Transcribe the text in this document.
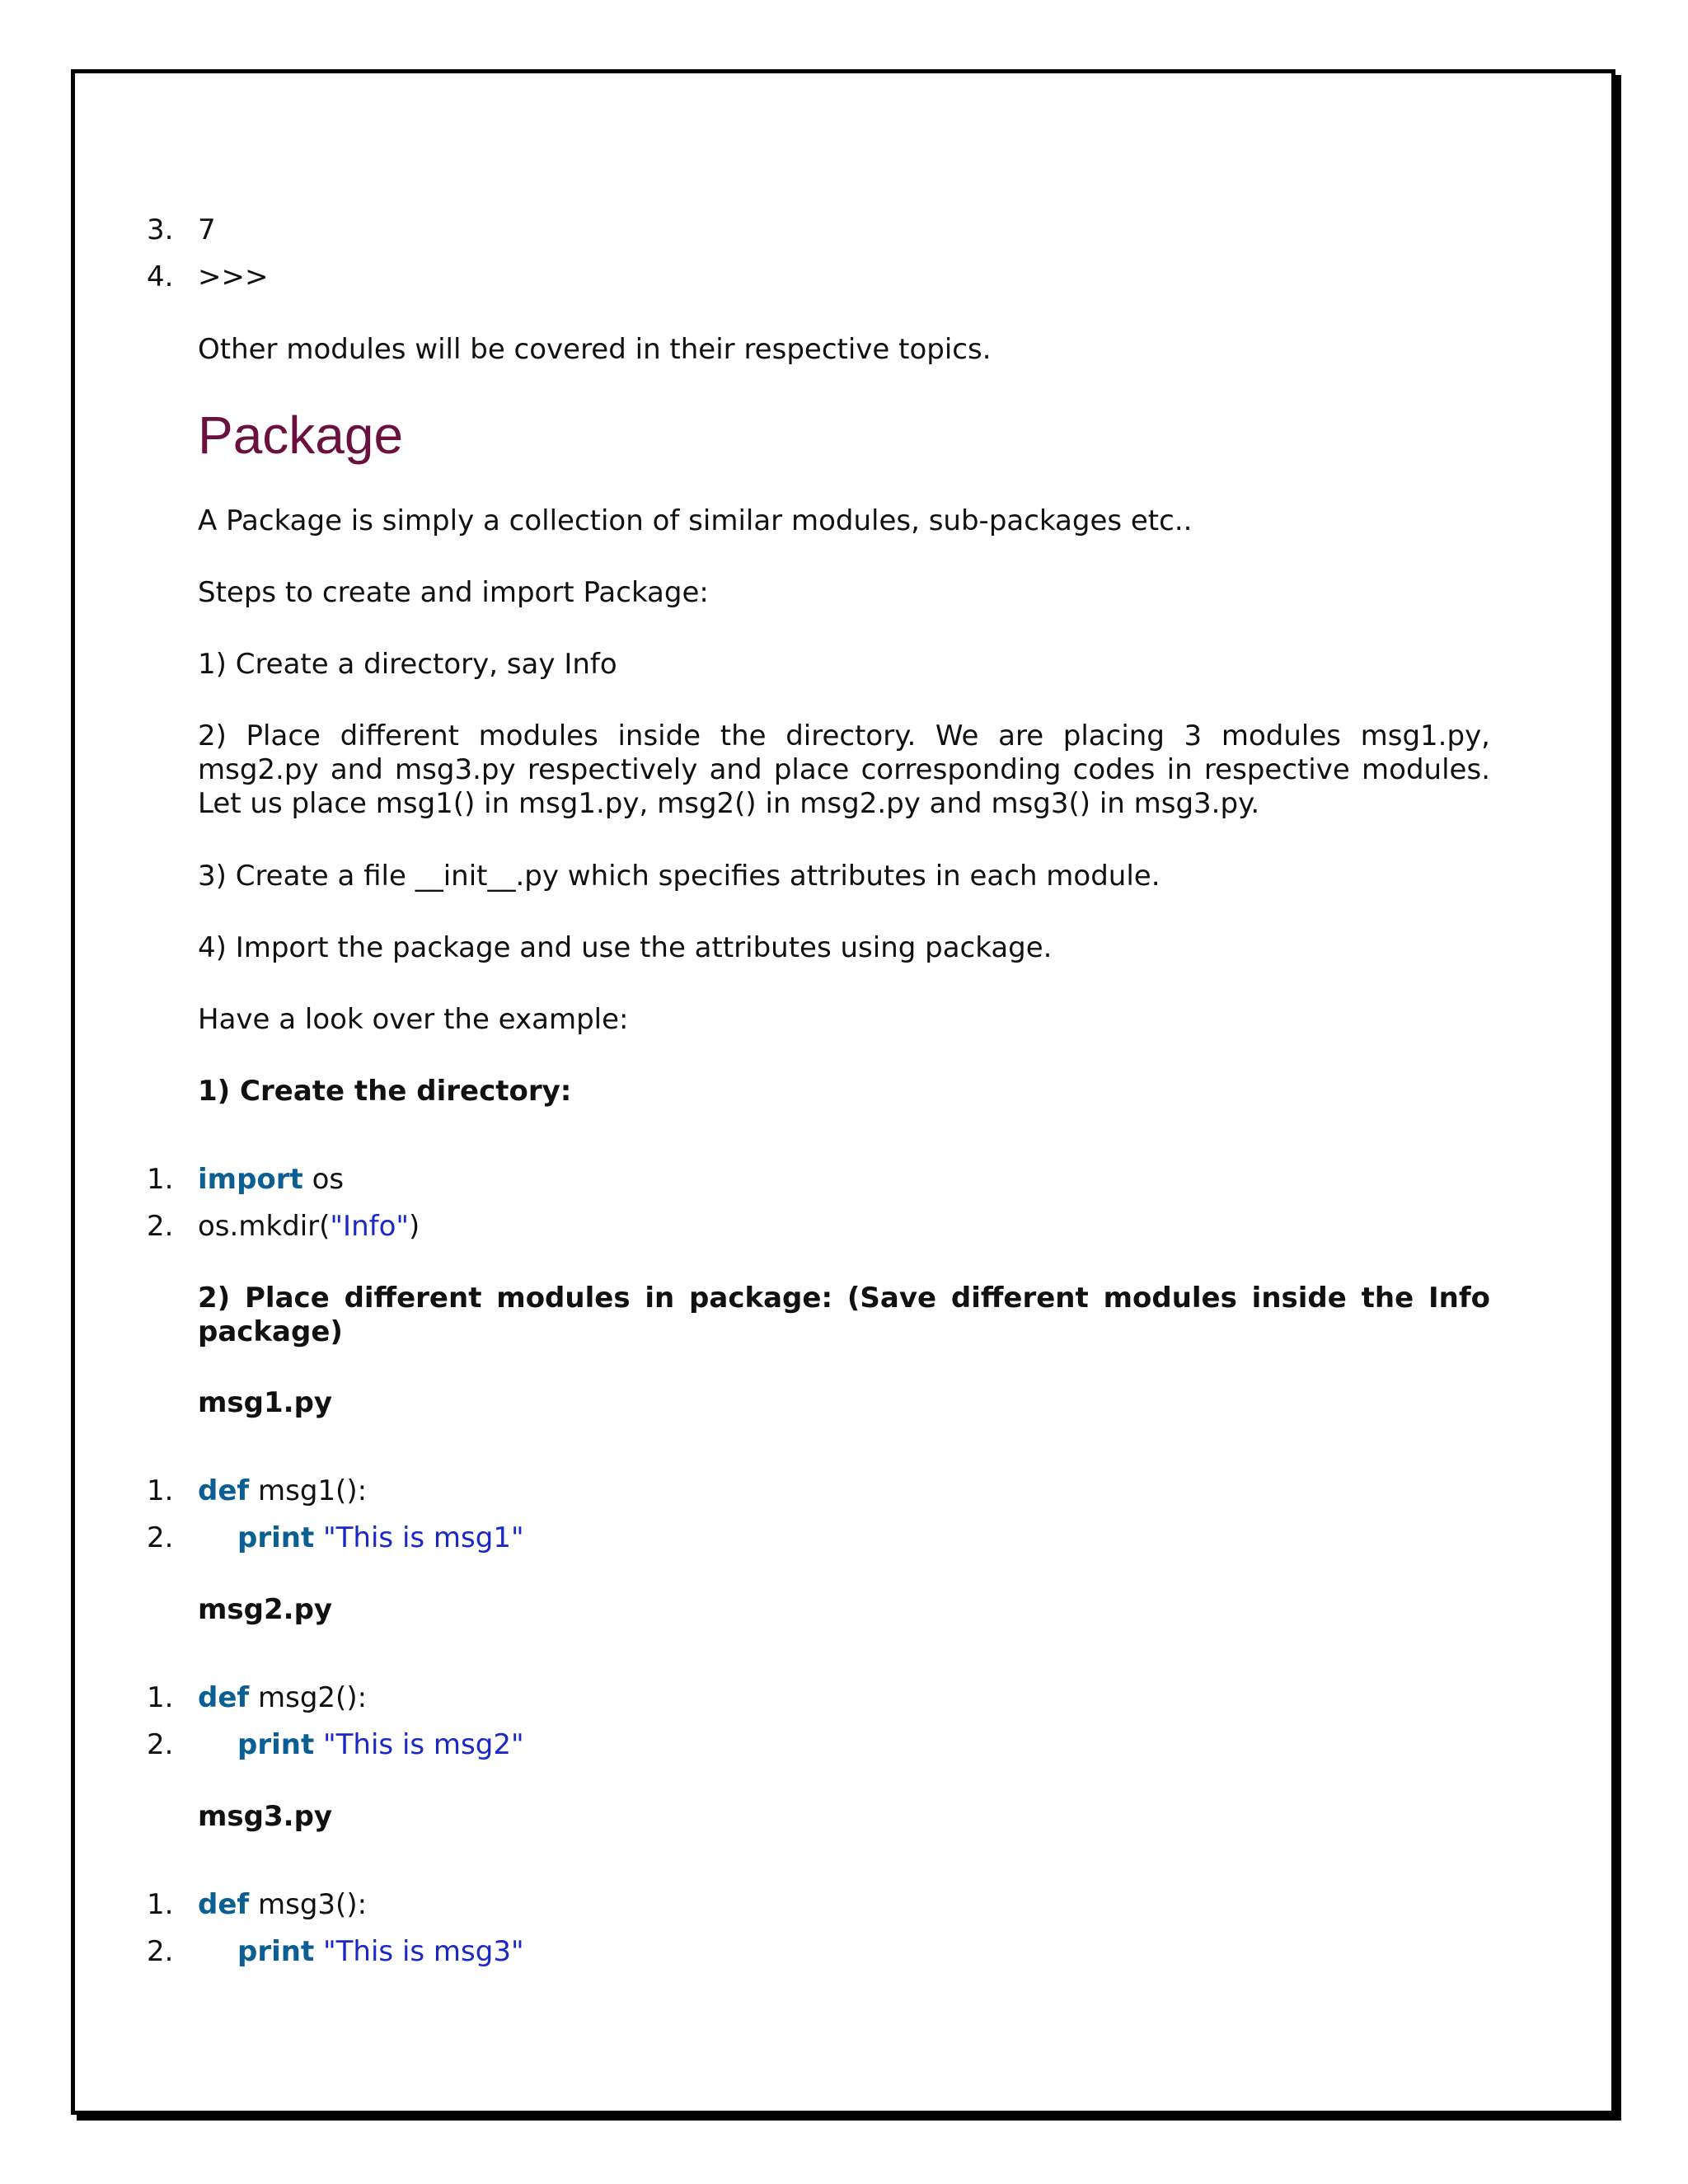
3. 7
4. >>>
Other modules will be covered in their respective topics.
Package
A Package is simply a collection of similar modules, sub-packages etc..
Steps to create and import Package:
1) Create a directory, say Info
2) Place different modules inside the directory. We are placing 3 modules msg1.py, msg2.py and msg3.py respectively and place corresponding codes in respective modules. Let us place msg1() in msg1.py, msg2() in msg2.py and msg3() in msg3.py.
3) Create a file __init__.py which specifies attributes in each module.
4) Import the package and use the attributes using package.
Have a look over the example:
1) Create the directory:
1. import os
2. os.mkdir("Info")
2) Place different modules in package: (Save different modules inside the Info package)
msg1.py
1. def msg1():
2. print "This is msg1"
msg2.py
1. def msg2():
2. print "This is msg2"
msg3.py
1. def msg3():
2. print "This is msg3"
